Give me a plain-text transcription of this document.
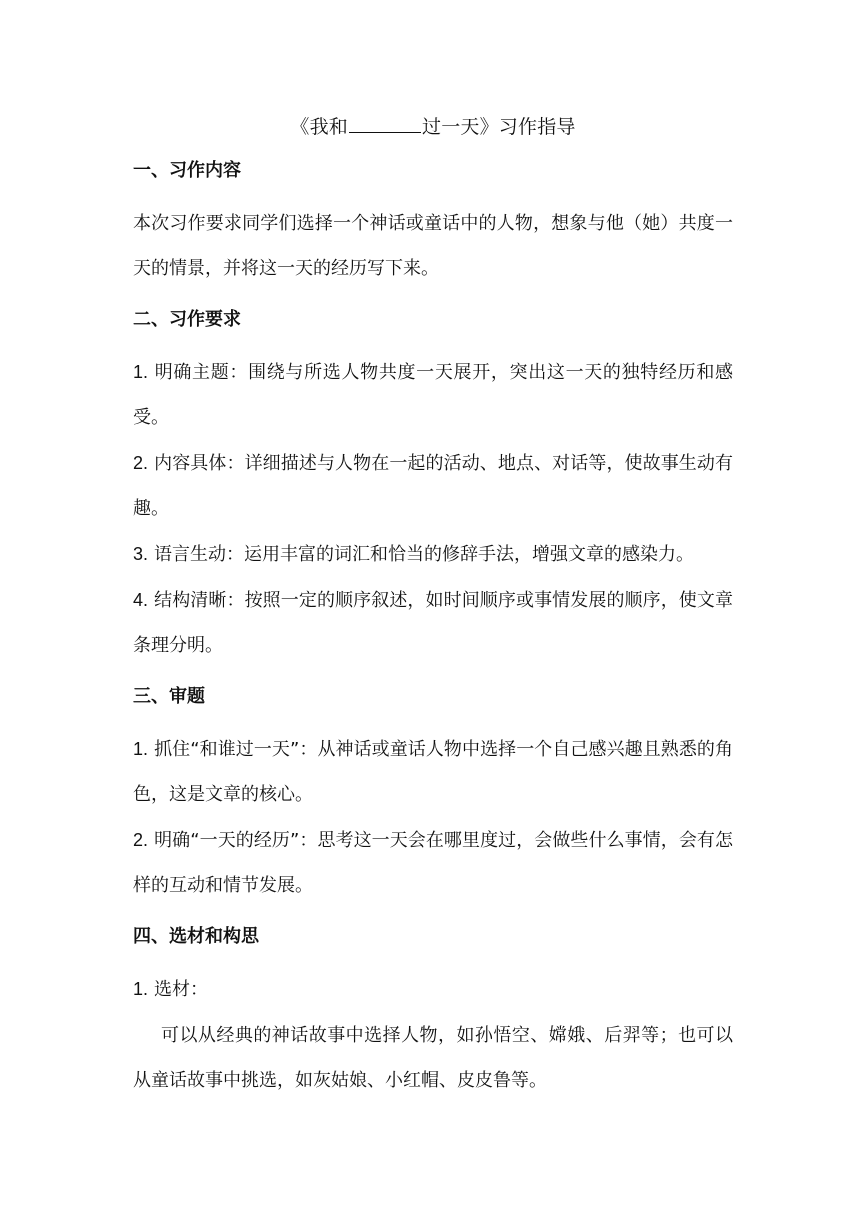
《我和	过一天》习作指导
一、习作内容

本次习作要求同学们选择一个神话或童话中的人物，想象与他（她）共度一天的情景，并将这一天的经历写下来。

二、习作要求

1. 明确主题：围绕与所选人物共度一天展开，突出这一天的独特经历和感受。

2. 内容具体：详细描述与人物在一起的活动、地点、对话等，使故事生动有趣。

3. 语言生动：运用丰富的词汇和恰当的修辞手法，增强文章的感染力。

4. 结构清晰：按照一定的顺序叙述，如时间顺序或事情发展的顺序，使文章条理分明。

三、审题

1. 抓住“和谁过一天”：从神话或童话人物中选择一个自己感兴趣且熟悉的角色，这是文章的核心。

2. 明确“一天的经历”：思考这一天会在哪里度过，会做些什么事情，会有怎样的互动和情节发展。

四、选材和构思

1. 选材：

可以从经典的神话故事中选择人物，如孙悟空、嫦娥、后羿等；也可以从童话故事中挑选，如灰姑娘、小红帽、皮皮鲁等。
